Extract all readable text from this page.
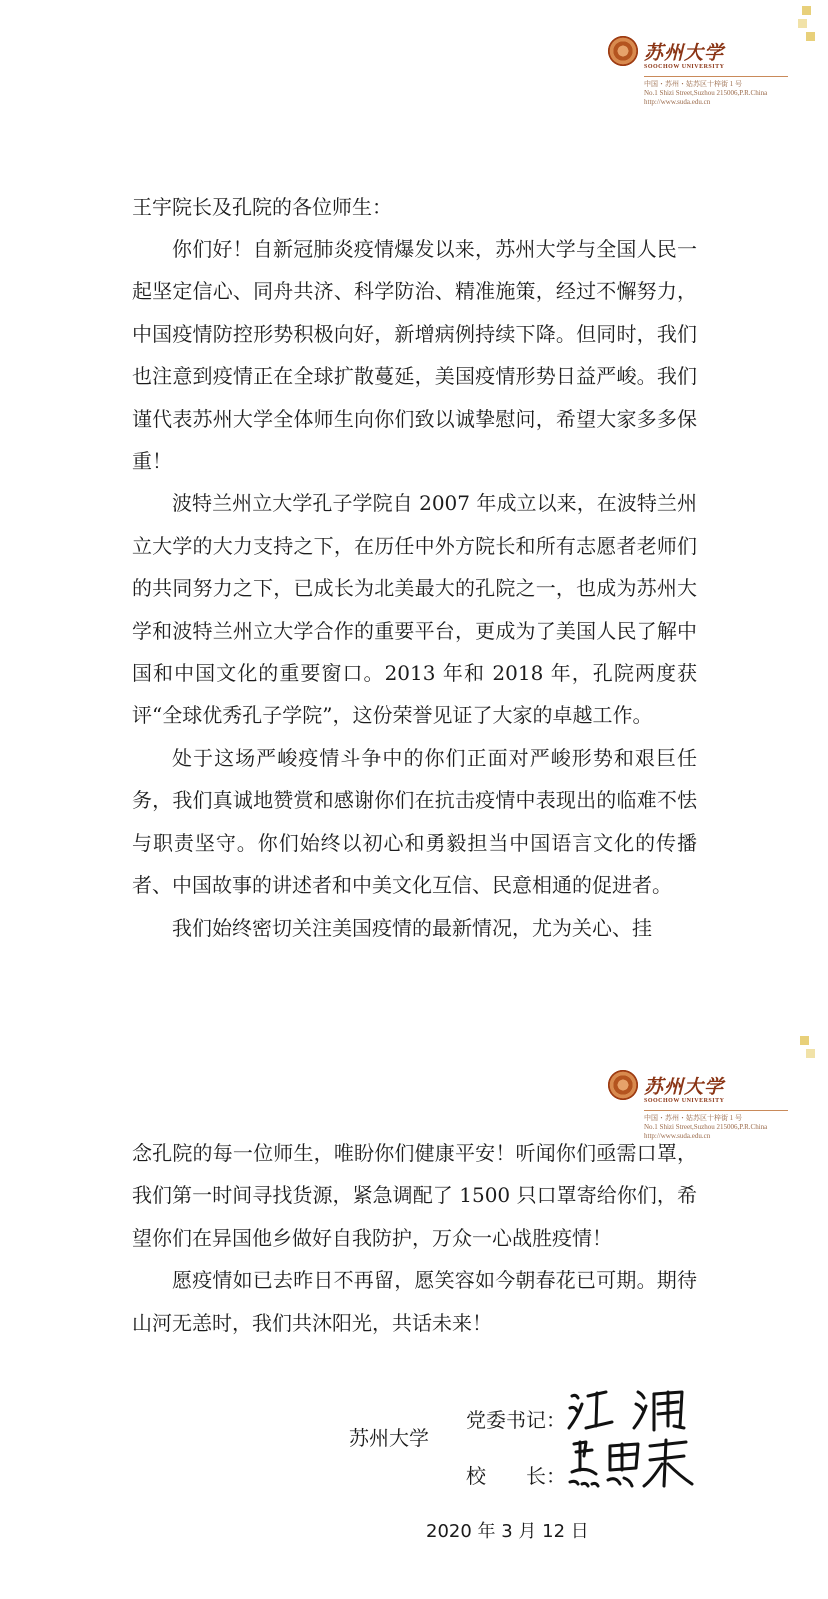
苏州大学
SOOCHOW UNIVERSITY
中国・苏州・姑苏区十梓街 1 号
No.1 Shizi Street,Suzhou 215006,P.R.China
http://www.suda.edu.cn
王宇院长及孔院的各位师生：

你们好！自新冠肺炎疫情爆发以来，苏州大学与全国人民一起坚定信心、同舟共济、科学防治、精准施策，经过不懈努力，中国疫情防控形势积极向好，新增病例持续下降。但同时，我们也注意到疫情正在全球扩散蔓延，美国疫情形势日益严峻。我们谨代表苏州大学全体师生向你们致以诚挚慰问，希望大家多多保重！

波特兰州立大学孔子学院自 2007 年成立以来，在波特兰州立大学的大力支持之下，在历任中外方院长和所有志愿者老师们的共同努力之下，已成长为北美最大的孔院之一，也成为苏州大学和波特兰州立大学合作的重要平台，更成为了美国人民了解中国和中国文化的重要窗口。2013 年和 2018 年，孔院两度获评“全球优秀孔子学院”，这份荣誉见证了大家的卓越工作。

处于这场严峻疫情斗争中的你们正面对严峻形势和艰巨任务，我们真诚地赞赏和感谢你们在抗击疫情中表现出的临难不怯与职责坚守。你们始终以初心和勇毅担当中国语言文化的传播者、中国故事的讲述者和中美文化互信、民意相通的促进者。

我们始终密切关注美国疫情的最新情况，尤为关心、挂

苏州大学
SOOCHOW UNIVERSITY
中国・苏州・姑苏区十梓街 1 号
No.1 Shizi Street,Suzhou 215006,P.R.China
http://www.suda.edu.cn

念孔院的每一位师生，唯盼你们健康平安！听闻你们亟需口罩，我们第一时间寻找货源，紧急调配了 1500 只口罩寄给你们，希望你们在异国他乡做好自我防护，万众一心战胜疫情！

愿疫情如已去昨日不再留，愿笑容如今朝春花已可期。期待山河无恙时，我们共沐阳光，共话未来！

苏州大学
党委书记：
校　　长：
2020 年 3 月 12 日
